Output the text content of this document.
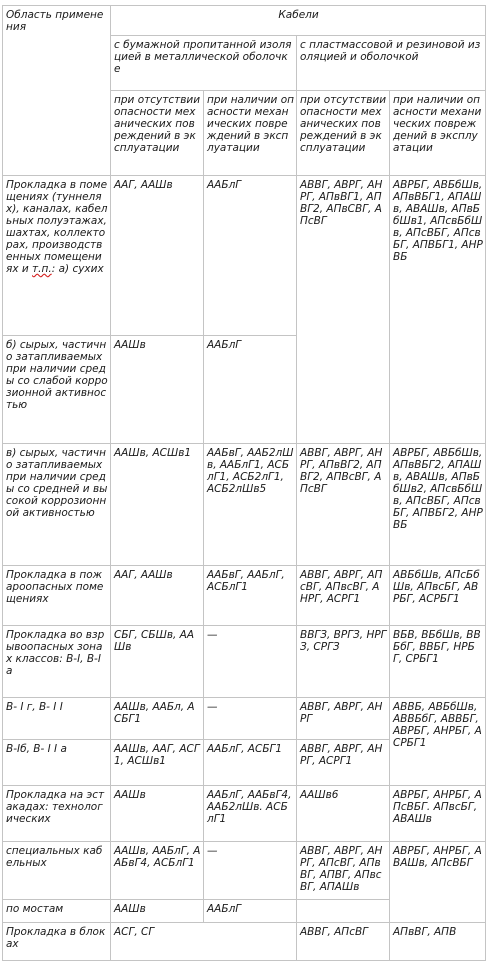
Область применения	Кабели			
	с бумажной пропитанной изоляцией в металлической оболочке		с пластмассовой и резиновой изоляцией и оболочкой	
	при отсутствии опасности механических повреждений в эксплуатации	при наличии опасности механических повреждений в эксплуатации	при отсутствии опасности механических повреждений в эксплуатации	при наличии опасности механических повреждений в эксплуатации
Прокладка в помещениях (туннелях), каналах, кабельных полуэтажах, шахтах, коллекторах, производственных помещениях и т.п.: а) сухих	ААГ, ААШв	ААБлГ	АВВГ, АВРГ, АНРГ, АПвВГ1, АПВГ2, АПвСВГ, АПсВГ	АВРБГ, АВБбШв, АПвВБГ1, АПАШв, АВАШв, АПвБбШв1, АПсвБбШв, АПсВБГ, АПсвБГ, АПВБГ1, АНРВБ
б) сырых, частично затапливаемых при наличии среды со слабой коррозионной активностью	ААШв	ААБлГ		
в) сырых, частично затапливаемых при наличии среды со средней и высокой коррозионной активностью	ААШв, АСШв1	ААБвГ, ААБ2лШв, ААБлГ1, АСБлГ1, АСБ2лГ1, АСБ2лШв5	АВВГ, АВРГ, АНРГ, АПвВГ2, АПВГ2, АПВсВГ, АПсВГ	АВРБГ, АВБбШв, АПвВБГ2, АПАШв, АВАШв, АПвБбШв2, АПсвБбШв, АПсВБГ, АПсвБГ, АПВБГ2, АНРВБ
Прокладка в пожароопасных помещениях	ААГ, ААШв	ААБвГ, ААБлГ, АСБлГ1	АВВГ, АВРГ, АПсВГ, АПвсВГ, АНРГ, АСРГ1	АВБбШв, АПсБбШв, АПвсБГ, АВРБГ, АСРБГ1
Прокладка во взрывоопасных зонах классов: В-I, В-I а	СБГ, СБШв, ААШв	—	ВВГЗ, ВРГЗ, НРГЗ, СРГЗ	ВБВ, ВБбШв, ВВБбГ, ВВБГ, НРБГ, СРБГ1
В- I г, В- I I	ААШв, ААБл, АСБГ1	—	АВВГ, АВРГ, АНРГ	АВВБ, АВБбШв, АВВБбГ, АВВБГ, АВРБГ, АНРБГ, АСРБГ1
В-Iб, В- I I а	ААШв, ААГ, АСГ1, АСШв1	ААБлГ, АСБГ1	АВВГ, АВРГ, АНРГ, АСРГ1	
Прокладка на эстакадах: технологических	ААШв	ААБлГ, ААБвГ4, ААБ2лШв. АСБлГ1	ААШв6	АВРБГ, АНРБГ, АПсВБГ. АПвсБГ, АВАШв
специальных кабельных	ААШв, ААБлГ, ААБвГ4, АСБлГ1	—	АВВГ, АВРГ, АНРГ, АПсВГ, АПвВГ, АПВГ, АПвсВГ, АПАШв	АВРБГ, АНРБГ, АВАШв, АПсВБГ
по мостам	ААШв	ААБлГ		
Прокладка в блоках	АСГ, СГ		АВВГ, АПсВГ	АПвВГ, АПВ
